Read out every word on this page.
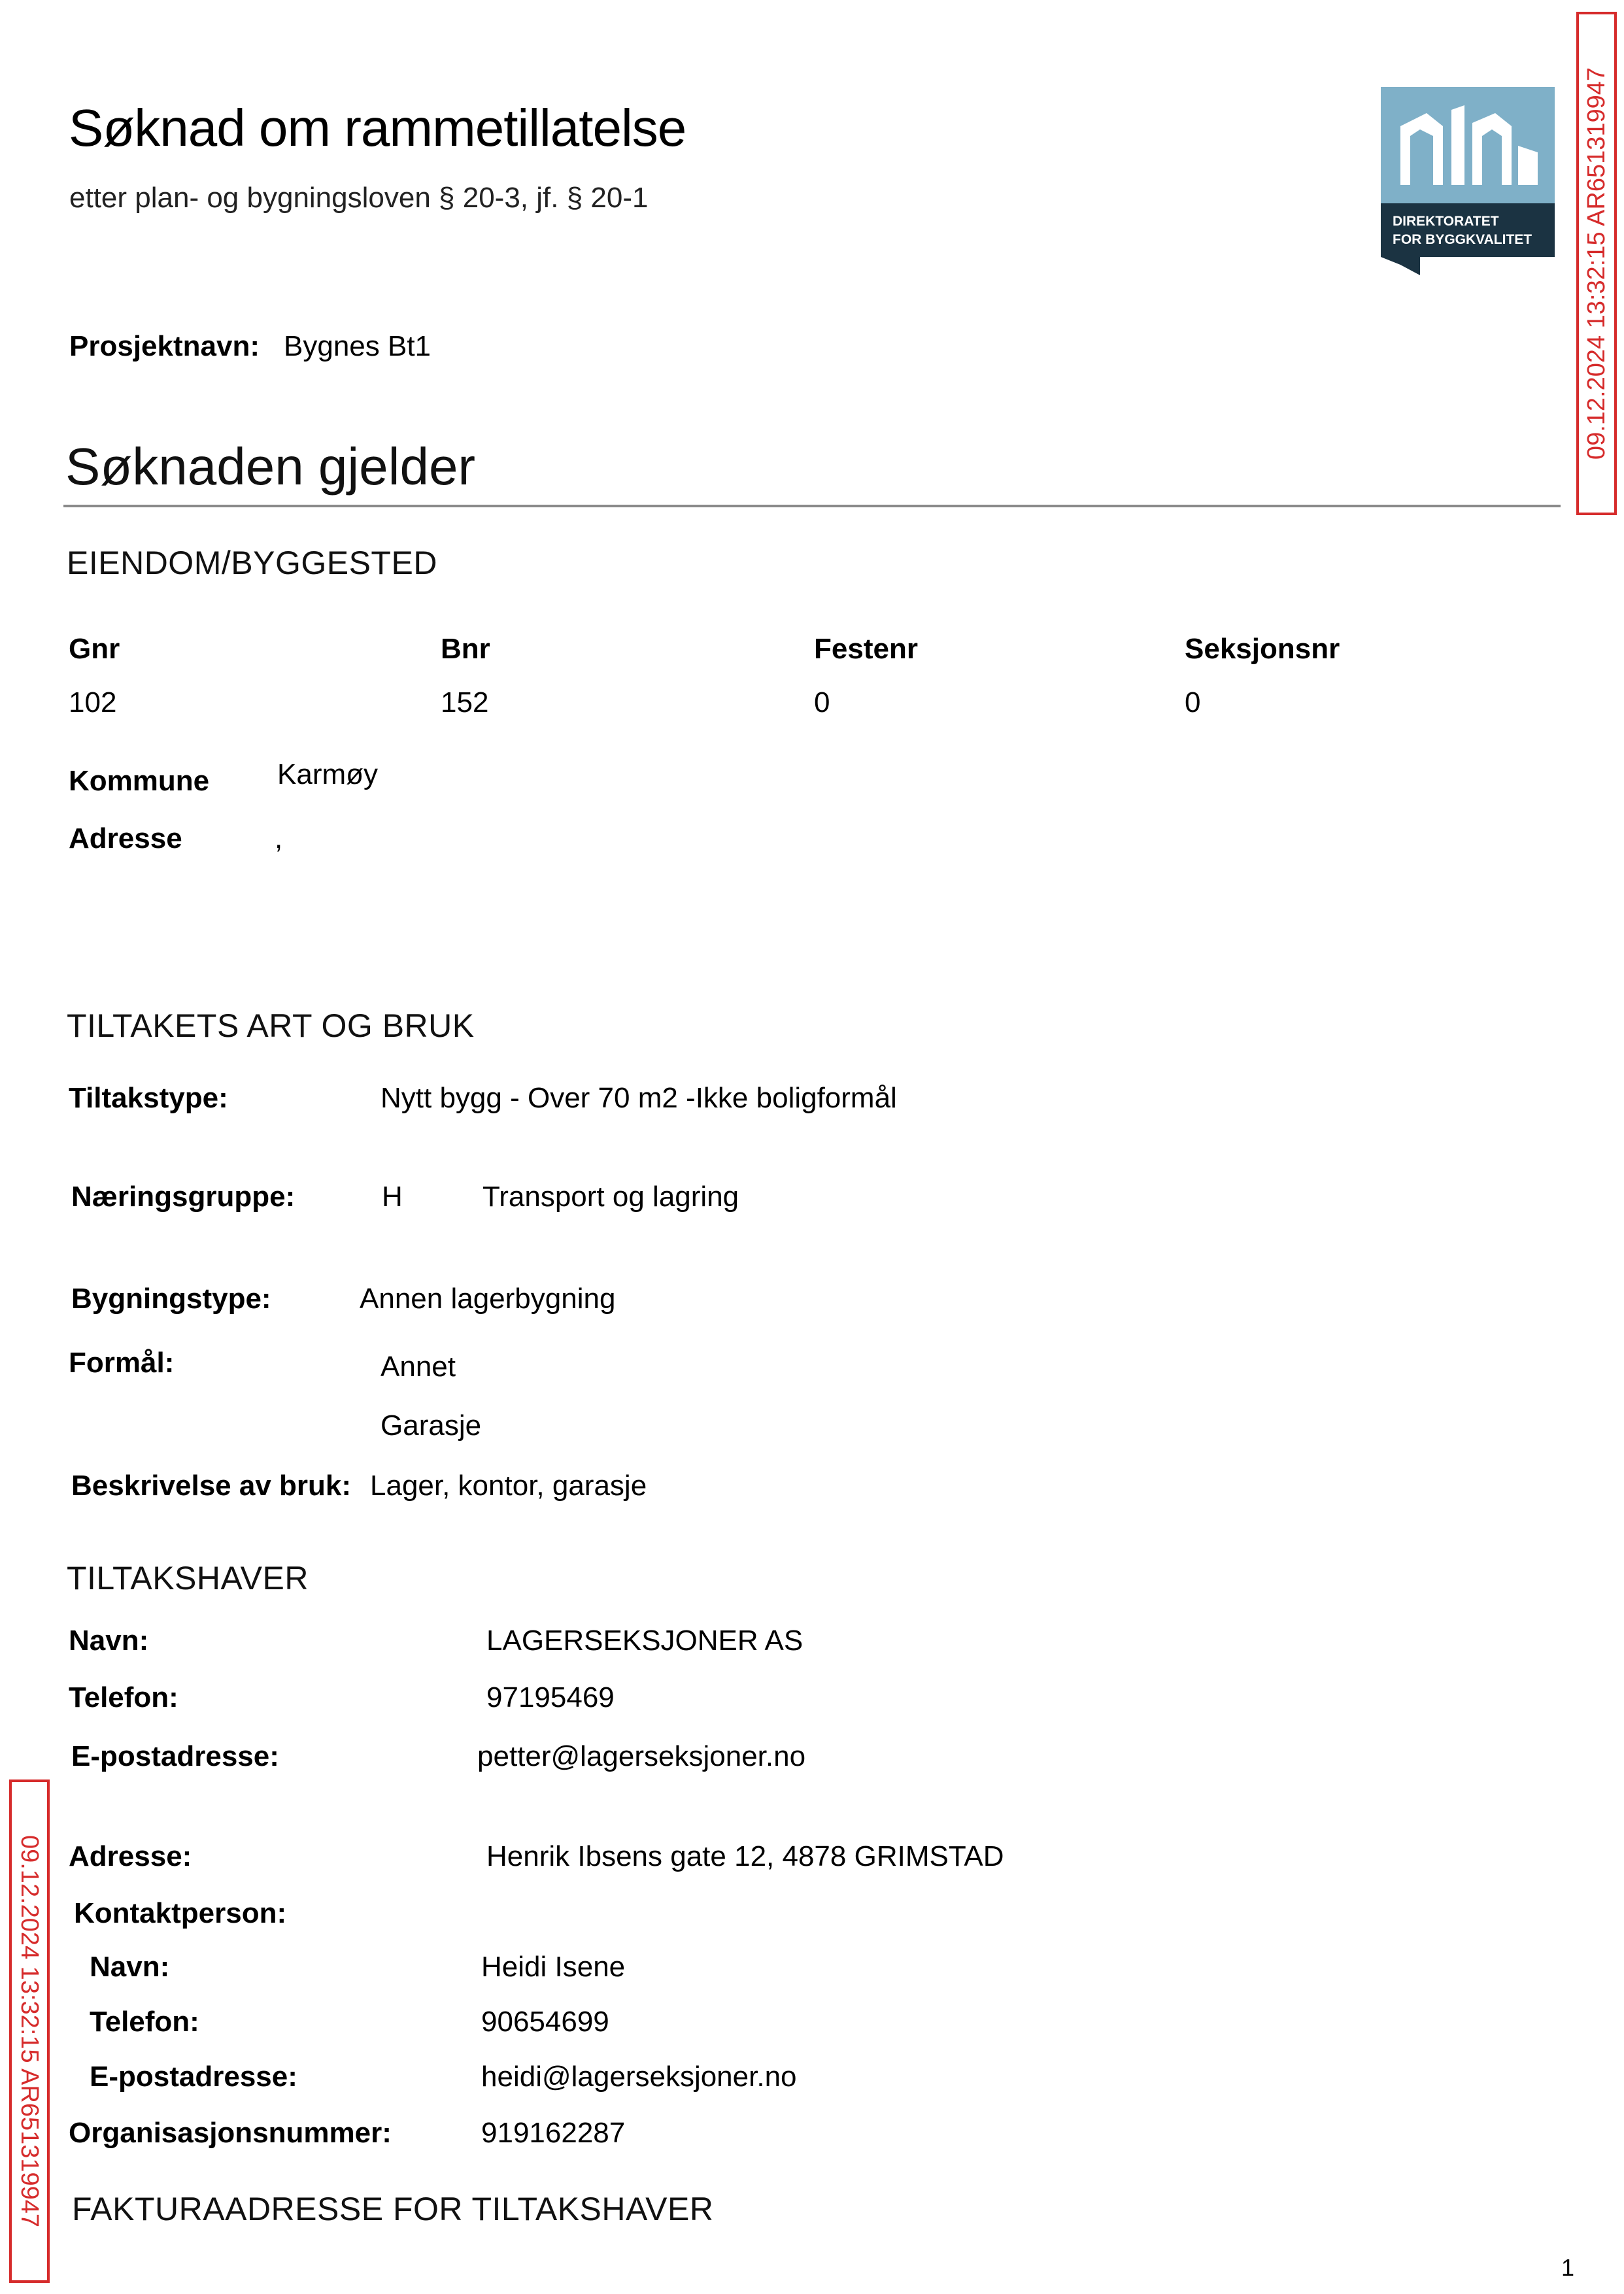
Søknad om rammetillatelse
etter plan- og bygningsloven § 20-3, jf. § 20-1
DIREKTORATET
FOR BYGGKVALITET 09.12.2024 13:32:15 AR651319947
09.12.2024 13:32:15 AR651319947
Prosjektnavn: Bygnes Bt1
Søknaden gjelder
EIENDOM/BYGGESTED
Gnr	Bnr	Festenr	Seksjonsnr
102	152	0	0
Kommune Karmøy
Adresse	,
TILTAKETS ART OG BRUK
Tiltakstype:	Nytt bygg - Over 70 m2 -Ikke boligformål
Næringsgruppe:	H	Transport og lagring
Bygningstype:	Annen lagerbygning
Formål:	Annet
Garasje
Beskrivelse av bruk: Lager, kontor, garasje
TILTAKSHAVER
Navn:	LAGERSEKSJONER AS
Telefon:	97195469
E-postadresse:	petter@lagerseksjoner.no
Adresse:	Henrik Ibsens gate 12, 4878 GRIMSTAD
Kontaktperson:
Navn:	Heidi Isene
Telefon:	90654699
E-postadresse:	heidi@lagerseksjoner.no
Organisasjonsnummer:	919162287
FAKTURAADRESSE FOR TILTAKSHAVER
1
